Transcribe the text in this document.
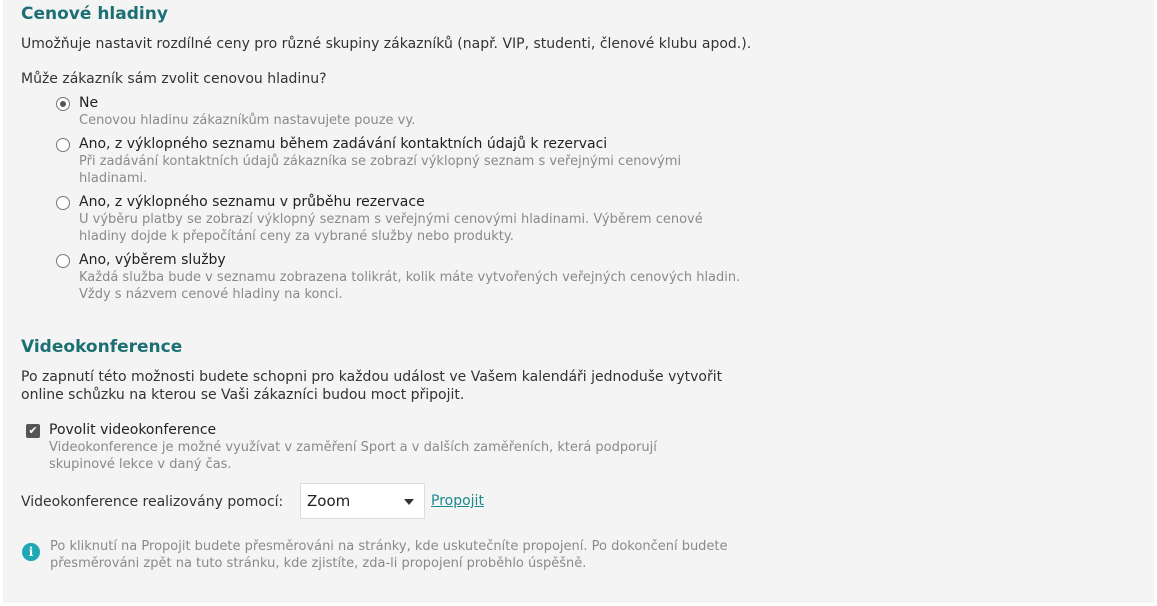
Cenové hladiny

Umožňuje nastavit rozdílné ceny pro různé skupiny zákazníků (např. VIP, studenti, členové klubu apod.).

Může zákazník sám zvolit cenovou hladinu?
Ne
Cenovou hladinu zákazníkům nastavujete pouze vy.
Ano, z výklopného seznamu během zadávání kontaktních údajů k rezervaci
Při zadávání kontaktních údajů zákazníka se zobrazí výklopný seznam s veřejnými cenovými hladinami.
Ano, z výklopného seznamu v průběhu rezervace
U výběru platby se zobrazí výklopný seznam s veřejnými cenovými hladinami. Výběrem cenové hladiny dojde k přepočítání ceny za vybrané služby nebo produkty.
Ano, výběrem služby
Každá služba bude v seznamu zobrazena tolikrát, kolik máte vytvořených veřejných cenových hladin. Vždy s názvem cenové hladiny na konci.
Videokonference

Po zapnutí této možnosti budete schopni pro každou událost ve Vašem kalendáři jednoduše vytvořit online schůzku na kterou se Vaši zákazníci budou moct připojit.

✔ Povolit videokonference
Videokonference je možné využívat v zaměření Sport a v dalších zaměřeních, která podporují skupinové lekce v daný čas.
Videokonference realizovány pomocí: Zoom	Propojit
i	Po kliknutí na Propojit budete přesměrováni na stránky, kde uskutečníte propojení. Po dokončení budete přesměrováni zpět na tuto stránku, kde zjistíte, zda-li propojení proběhlo úspěšně.
